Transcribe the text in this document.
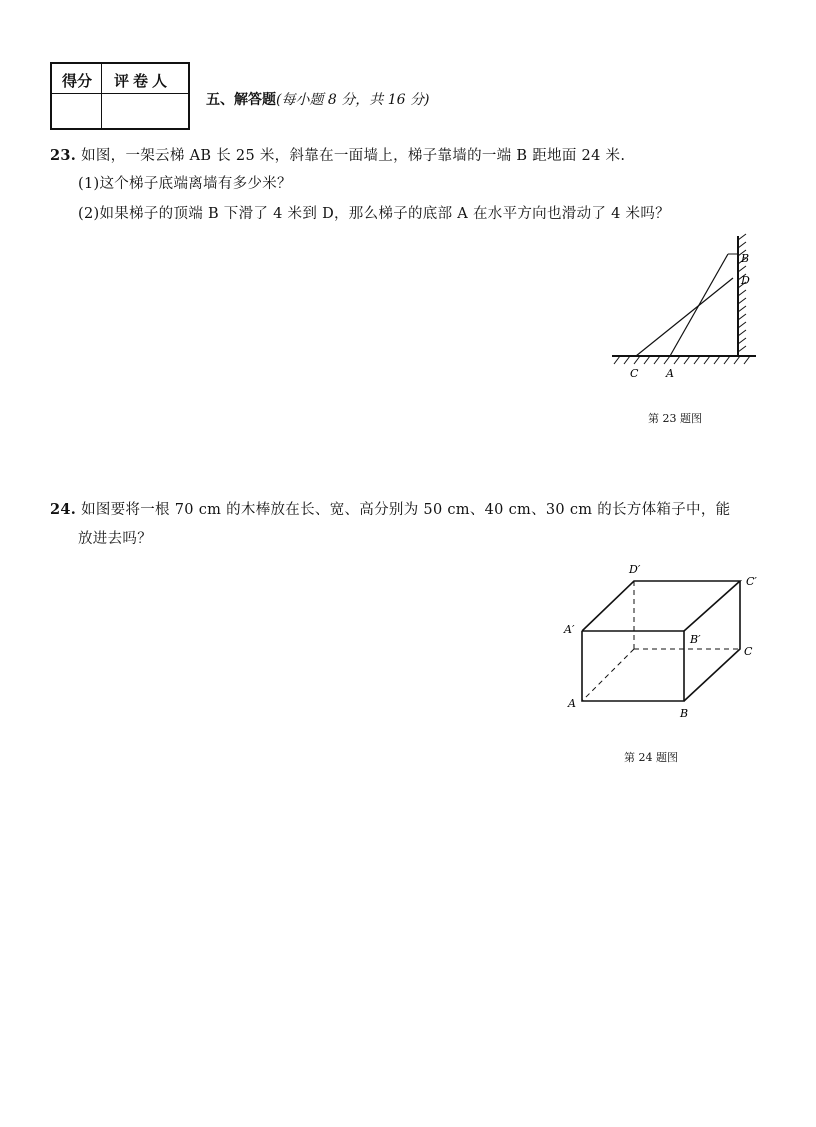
得分 评卷人
五、解答题(每小题 8 分，共 16 分)
23. 如图，一架云梯 AB 长 25 米，斜靠在一面墙上，梯子靠墙的一端 B 距地面 24 米.
(1)这个梯子底端离墙有多少米？
(2)如果梯子的顶端 B 下滑了 4 米到 D，那么梯子的底部 A 在水平方向也滑动了 4 米吗？
B
D
C	A
第 23 题图
24. 如图要将一根 70 cm 的木棒放在长、宽、高分别为 50 cm、40 cm、30 cm 的长方体箱子中，能
放进去吗？
D′
C′
A′
B′
C
A
B
第 24 题图
